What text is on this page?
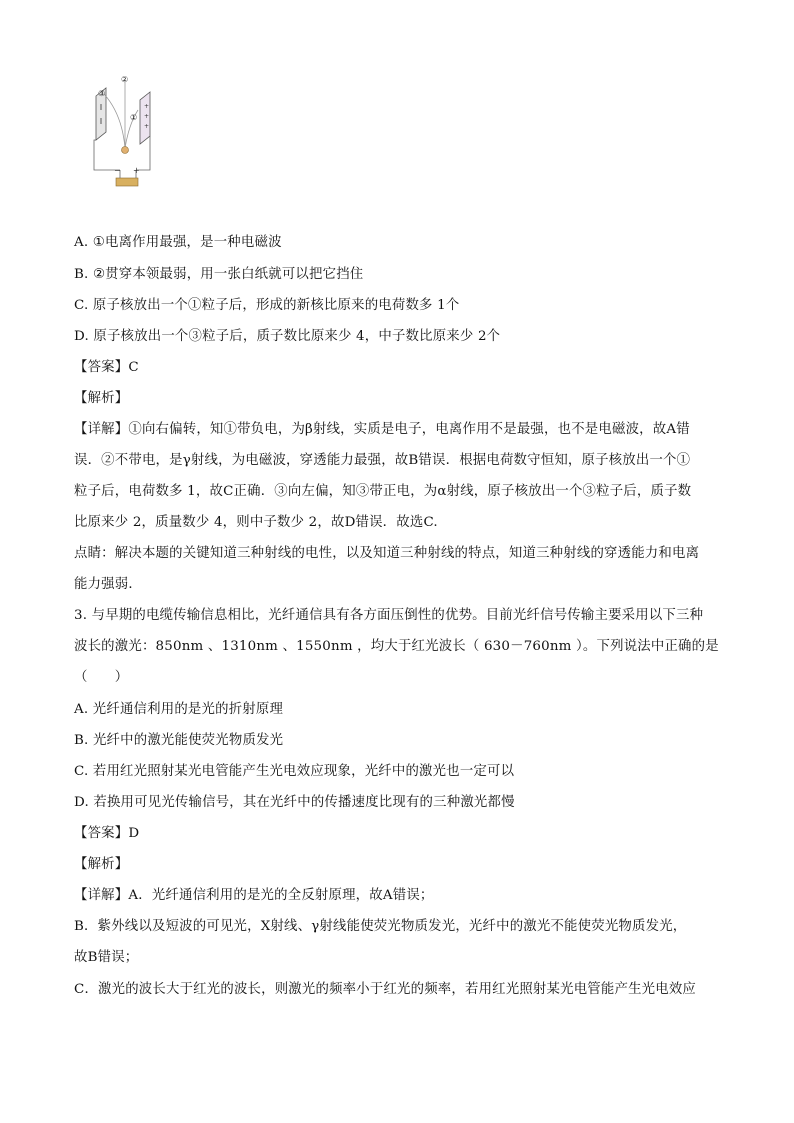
+
+
+
②
③
①
− +
A. ①电离作用最强，是一种电磁波
B. ②贯穿本领最弱，用一张白纸就可以把它挡住
C. 原子核放出一个①粒子后，形成的新核比原来的电荷数多 1个
D. 原子核放出一个③粒子后，质子数比原来少 4，中子数比原来少 2个
【答案】C
【解析】
【详解】①向右偏转，知①带负电，为β射线，实质是电子，电离作用不是最强，也不是电磁波，故A错
误．②不带电，是γ射线，为电磁波，穿透能力最强，故B错误．根据电荷数守恒知，原子核放出一个①
粒子后，电荷数多 1，故C正确．③向左偏，知③带正电，为α射线，原子核放出一个③粒子后，质子数
比原来少 2，质量数少 4，则中子数少 2，故D错误．故选C.
点睛：解决本题的关键知道三种射线的电性，以及知道三种射线的特点，知道三种射线的穿透能力和电离
能力强弱．
3. 与早期的电缆传输信息相比，光纤通信具有各方面压倒性的优势。目前光纤信号传输主要采用以下三种
波长的激光：850nm 、1310nm 、1550nm ，均大于红光波长（ 630－760nm ）。下列说法中正确的是
（　　）
A. 光纤通信利用的是光的折射原理
B. 光纤中的激光能使荧光物质发光
C. 若用红光照射某光电管能产生光电效应现象，光纤中的激光也一定可以
D. 若换用可见光传输信号，其在光纤中的传播速度比现有的三种激光都慢
【答案】D
【解析】
【详解】A．光纤通信利用的是光的全反射原理，故A错误；
B．紫外线以及短波的可见光，X射线、γ射线能使荧光物质发光，光纤中的激光不能使荧光物质发光，
故B错误；
C．激光的波长大于红光的波长，则激光的频率小于红光的频率，若用红光照射某光电管能产生光电效应
